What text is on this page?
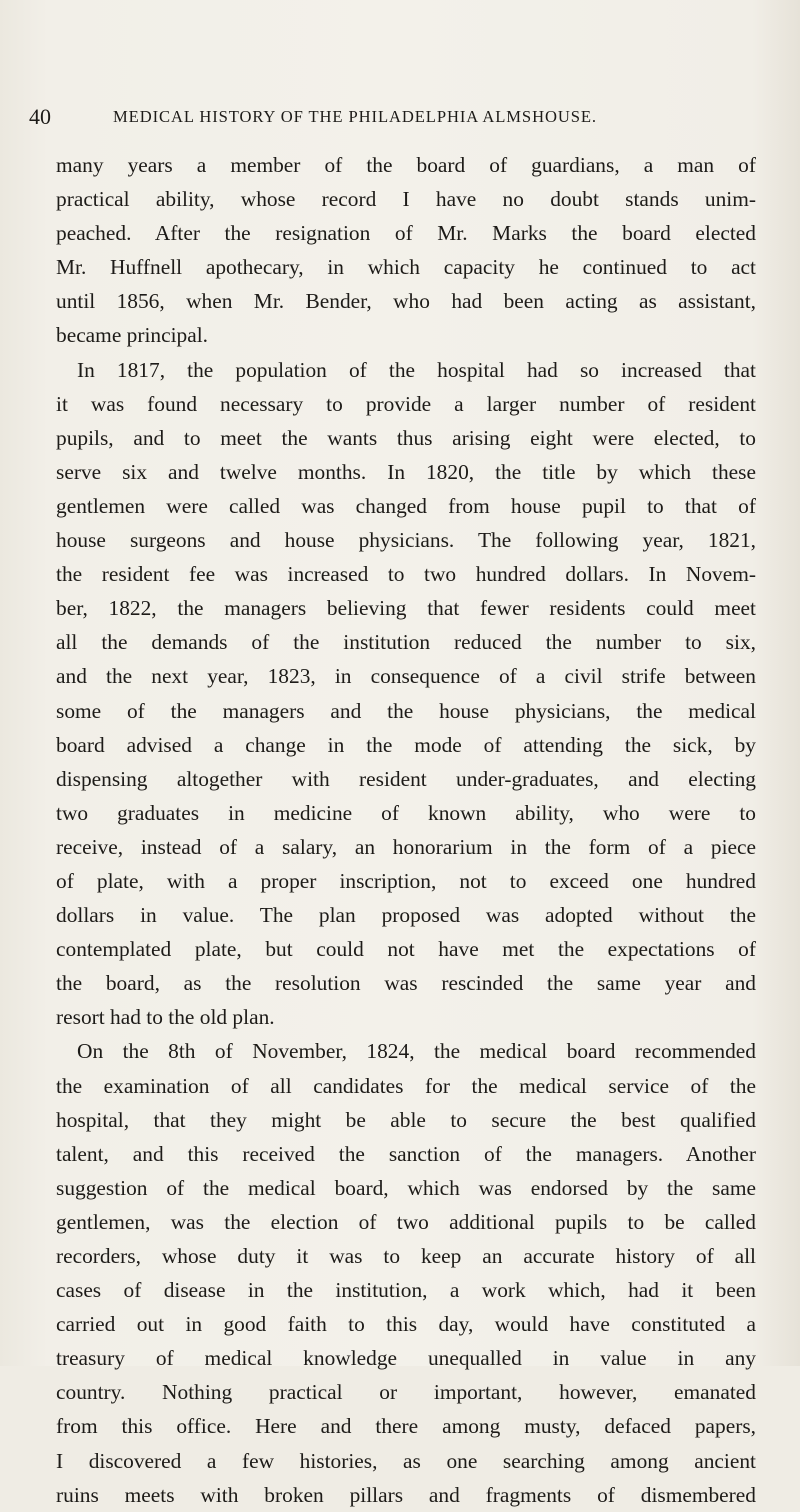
40	MEDICAL HISTORY OF THE PHILADELPHIA ALMSHOUSE.
many years a member of the board of guardians, a man of
practical ability, whose record I have no doubt stands unim-
peached. After the resignation of Mr. Marks the board elected
Mr. Huffnell apothecary, in which capacity he continued to act
until 1856, when Mr. Bender, who had been acting as assistant,
became principal.
In 1817, the population of the hospital had so increased that
it was found necessary to provide a larger number of resident
pupils, and to meet the wants thus arising eight were elected, to
serve six and twelve months. In 1820, the title by which these
gentlemen were called was changed from house pupil to that of
house surgeons and house physicians. The following year, 1821,
the resident fee was increased to two hundred dollars. In Novem-
ber, 1822, the managers believing that fewer residents could meet
all the demands of the institution reduced the number to six,
and the next year, 1823, in consequence of a civil strife between
some of the managers and the house physicians, the medical
board advised a change in the mode of attending the sick, by
dispensing altogether with resident under-graduates, and electing
two graduates in medicine of known ability, who were to
receive, instead of a salary, an honorarium in the form of a piece
of plate, with a proper inscription, not to exceed one hundred
dollars in value. The plan proposed was adopted without the
contemplated plate, but could not have met the expectations of
the board, as the resolution was rescinded the same year and
resort had to the old plan.
On the 8th of November, 1824, the medical board recommended
the examination of all candidates for the medical service of the
hospital, that they might be able to secure the best qualified
talent, and this received the sanction of the managers. Another
suggestion of the medical board, which was endorsed by the same
gentlemen, was the election of two additional pupils to be called
recorders, whose duty it was to keep an accurate history of all
cases of disease in the institution, a work which, had it been
carried out in good faith to this day, would have constituted a
treasury of medical knowledge unequalled in value in any
country. Nothing practical or important, however, emanated
from this office. Here and there among musty, defaced papers,
I discovered a few histories, as one searching among ancient
ruins meets with broken pillars and fragments of dismembered
